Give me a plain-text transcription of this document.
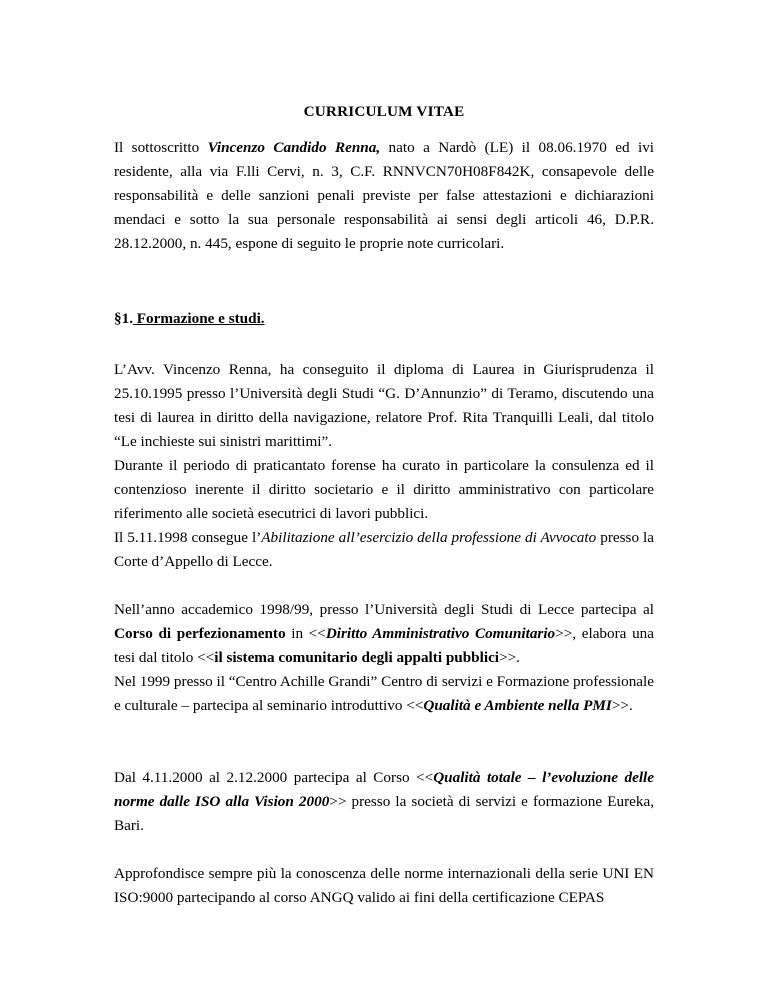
CURRICULUM VITAE

Il sottoscritto Vincenzo Candido Renna, nato a Nardò (LE) il 08.06.1970 ed ivi residente, alla via F.lli Cervi, n. 3, C.F. RNNVCN70H08F842K, consapevole delle responsabilità e delle sanzioni penali previste per false attestazioni e dichiarazioni mendaci e sotto la sua personale responsabilità ai sensi degli articoli 46, D.P.R. 28.12.2000, n. 445, espone di seguito le proprie note curricolari.

§1. Formazione e studi.

L’Avv. Vincenzo Renna, ha conseguito il diploma di Laurea in Giurisprudenza il 25.10.1995 presso l’Università degli Studi “G. D’Annunzio” di Teramo, discutendo una tesi di laurea in diritto della navigazione, relatore Prof. Rita Tranquilli Leali, dal titolo “Le inchieste sui sinistri marittimi”.

Durante il periodo di praticantato forense ha curato in particolare la consulenza ed il contenzioso inerente il diritto societario e il diritto amministrativo con particolare riferimento alle società esecutrici di lavori pubblici.

Il 5.11.1998 consegue l’Abilitazione all’esercizio della professione di Avvocato presso la Corte d’Appello di Lecce.

Nell’anno accademico 1998/99, presso l’Università degli Studi di Lecce partecipa al Corso di perfezionamento in <<Diritto Amministrativo Comunitario>>, elabora una tesi dal titolo <<il sistema comunitario degli appalti pubblici>>.

Nel 1999 presso il “Centro Achille Grandi” Centro di servizi e Formazione professionale e culturale – partecipa al seminario introduttivo <<Qualità e Ambiente nella PMI>>.

Dal 4.11.2000 al 2.12.2000 partecipa al Corso <<Qualità totale – l’evoluzione delle norme dalle ISO alla Vision 2000>> presso la società di servizi e formazione Eureka, Bari.

Approfondisce sempre più la conoscenza delle norme internazionali della serie UNI EN ISO:9000 partecipando al corso ANGQ valido ai fini della certificazione CEPAS
